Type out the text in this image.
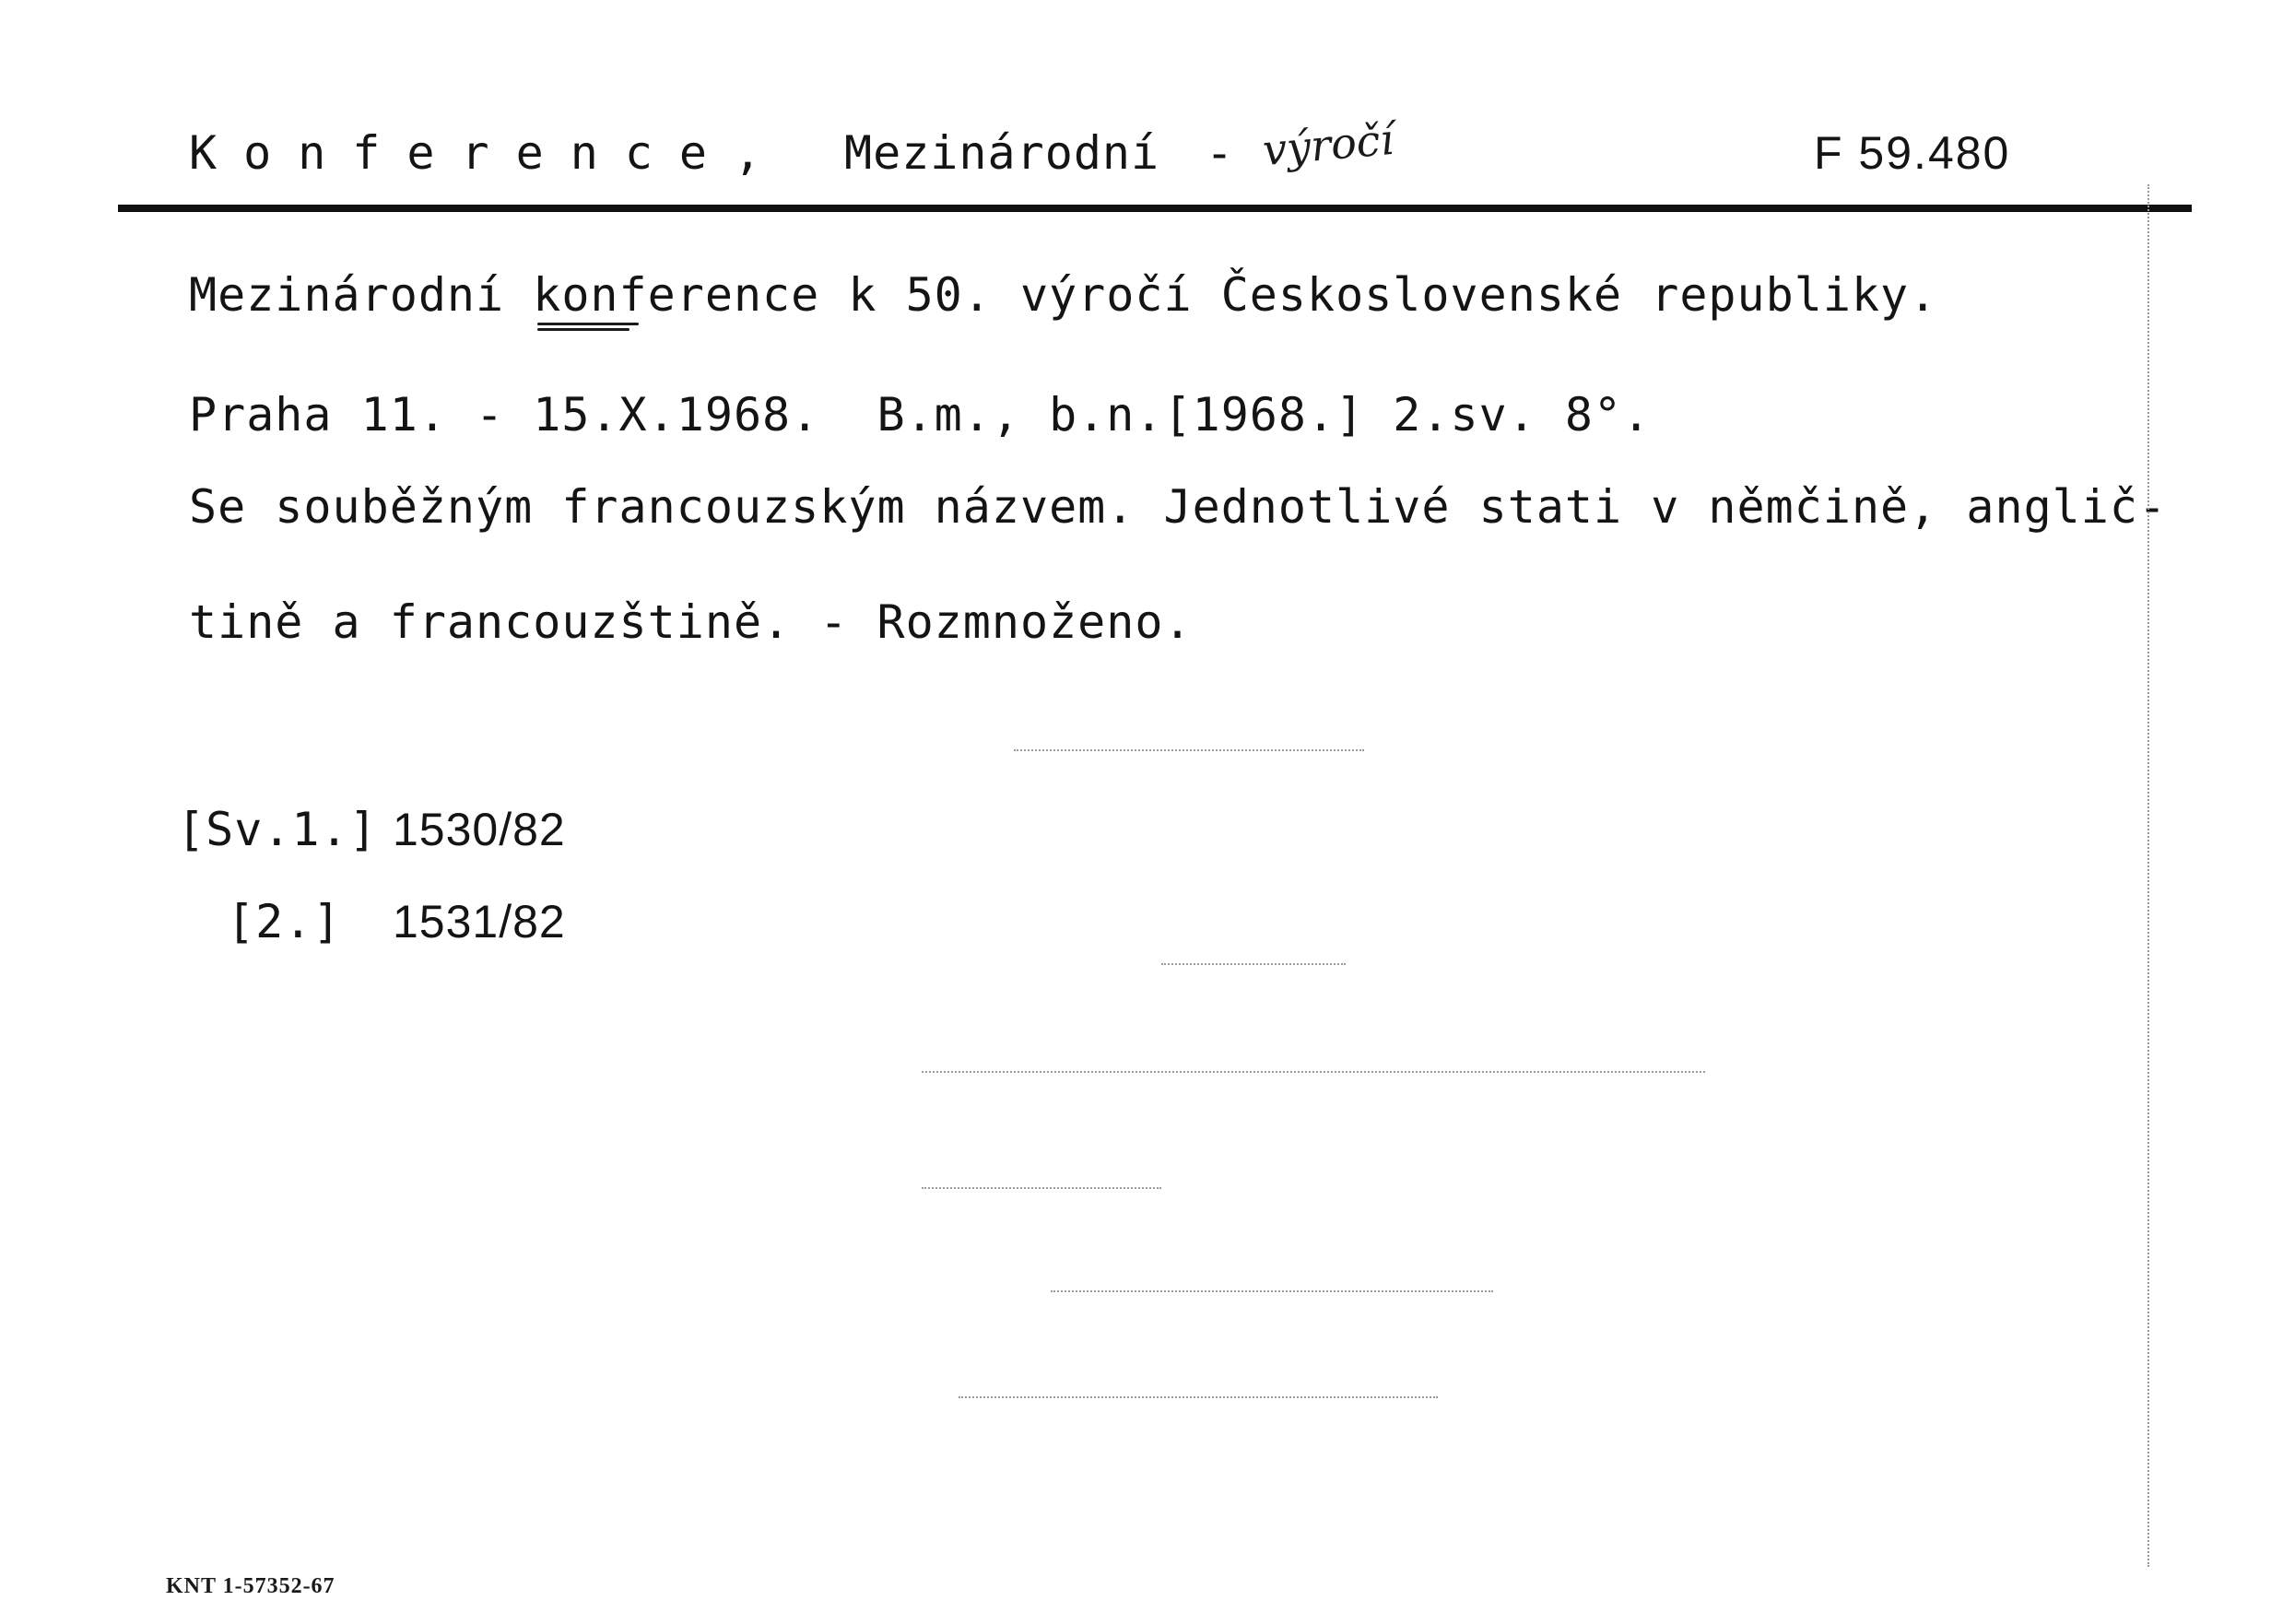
Konference, Mezinárodní - výročí	F 59.480
Mezinárodní konference k 50. výročí Československé republiky.
Praha 11. - 15.X.1968.  B.m., b.n.[1968.] 2.sv. 8°.
Se souběžným francouzským názvem. Jednotlivé stati v němčině, anglič-
tině a francouzštině. - Rozmnoženo.
[Sv.1.] 1530/82
[2.] 1531/82
KNT 1-57352-67
